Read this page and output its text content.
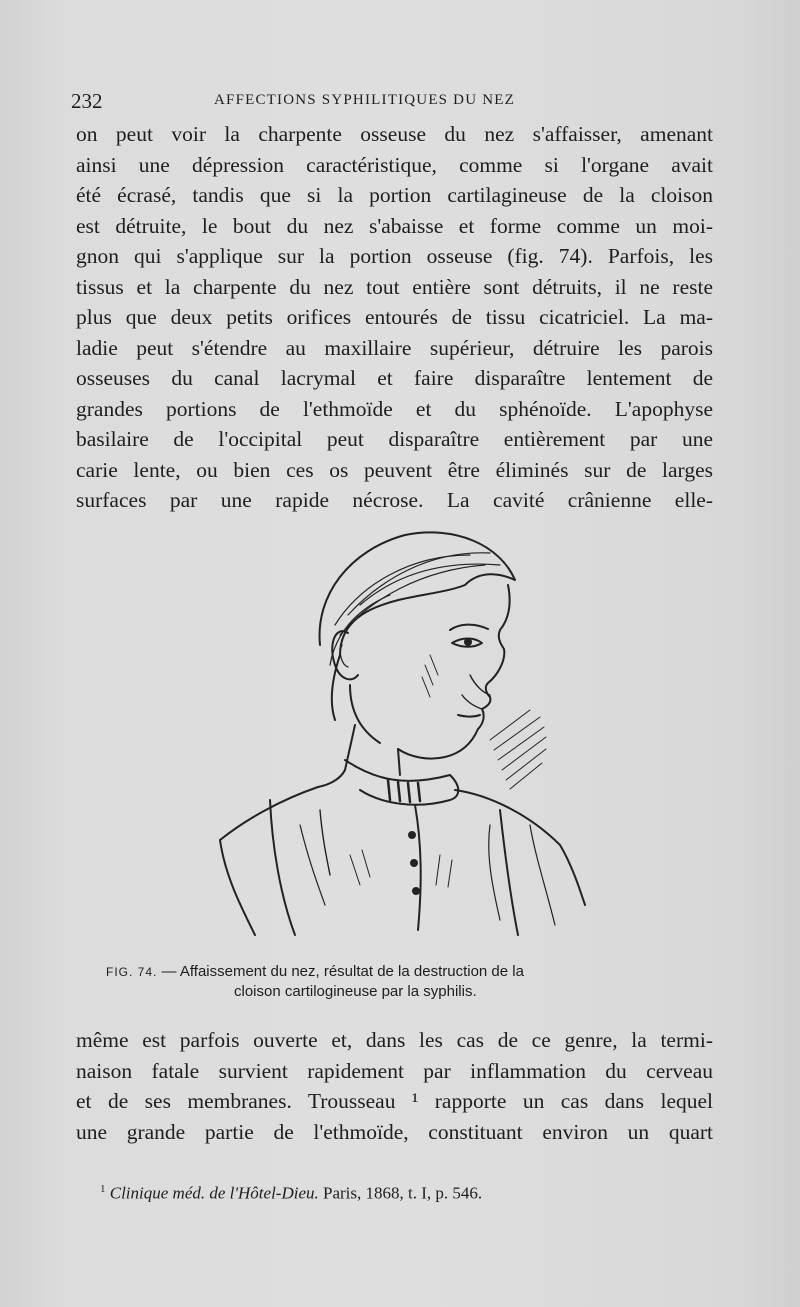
232	AFFECTIONS SYPHILITIQUES DU NEZ
on peut voir la charpente osseuse du nez s'affaisser, amenant
ainsi une dépression caractéristique, comme si l'organe avait
été écrasé, tandis que si la portion cartilagineuse de la cloison
est détruite, le bout du nez s'abaisse et forme comme un moi-
gnon qui s'applique sur la portion osseuse (fig. 74). Parfois, les
tissus et la charpente du nez tout entière sont détruits, il ne reste
plus que deux petits orifices entourés de tissu cicatriciel. La ma-
ladie peut s'étendre au maxillaire supérieur, détruire les parois
osseuses du canal lacrymal et faire disparaître lentement de
grandes portions de l'ethmoïde et du sphénoïde. L'apophyse
basilaire de l'occipital peut disparaître entièrement par une
carie lente, ou bien ces os peuvent être éliminés sur de larges
surfaces par une rapide nécrose. La cavité crânienne elle-
FIG. 74. — Affaissement du nez, résultat de la destruction de la
cloison cartilogineuse par la syphilis.
même est parfois ouverte et, dans les cas de ce genre, la termi-
naison fatale survient rapidement par inflammation du cerveau
et de ses membranes. Trousseau ¹ rapporte un cas dans lequel
une grande partie de l'ethmoïde, constituant environ un quart
$^1$ Clinique méd. de l'Hôtel-Dieu. Paris, 1868, t. I, p. 546.
